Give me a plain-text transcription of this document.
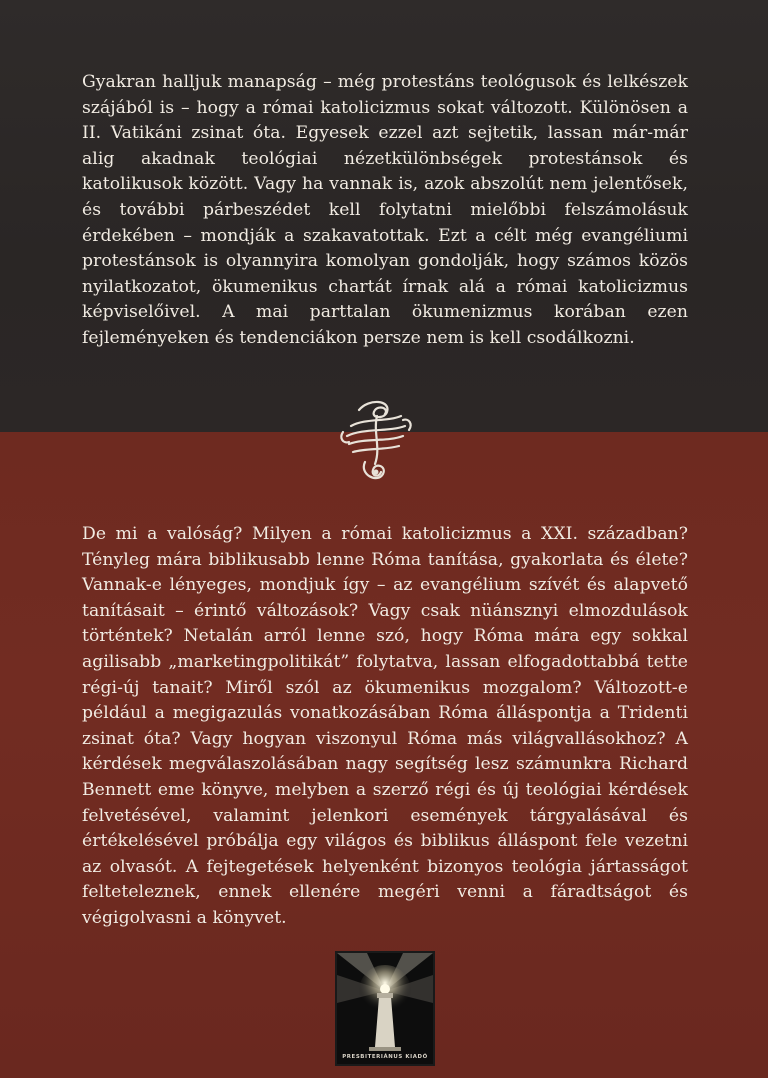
Gyakran halljuk manapság – még protestáns teológusok és lelkészek szájából is – hogy a római katolicizmus sokat változott. Különösen a II. Vatikáni zsinat óta. Egyesek ezzel azt sejtetik, lassan már-már alig akadnak teológiai nézetkülönbségek protestánsok és katolikusok között. Vagy ha vannak is, azok abszolút nem jelentősek, és további párbeszédet kell folytatni mielőbbi felszámolásuk érdekében – mondják a szakavatottak. Ezt a célt még evangéliumi protestánsok is olyannyira komolyan gondolják, hogy számos közös nyilatkozatot, ökumenikus chartát írnak alá a római katolicizmus képviselőivel. A mai parttalan ökumenizmus korában ezen fejleményeken és tendenciákon persze nem is kell csodálkozni.

De mi a valóság? Milyen a római katolicizmus a XXI. században? Tényleg mára biblikusabb lenne Róma tanítása, gyakorlata és élete? Vannak-e lényeges, mondjuk így – az evangélium szívét és alapvető tanításait – érintő változások? Vagy csak nüánsznyi elmozdulások történtek? Netalán arról lenne szó, hogy Róma mára egy sokkal agilisabb „marketingpolitikát” folytatva, lassan elfogadottabbá tette régi-új tanait? Miről szól az ökumenikus mozgalom? Változott-e például a megigazulás vonatkozásában Róma álláspontja a Tridenti zsinat óta? Vagy hogyan viszonyul Róma más világvallásokhoz? A kérdések megválaszolásában nagy segítség lesz számunkra Richard Bennett eme könyve, melyben a szerző régi és új teológiai kérdések felvetésével, valamint jelenkori események tárgyalásával és értékelésével próbálja egy világos és biblikus álláspont fele vezetni az olvasót. A fejtegetések helyenként bizonyos teológia jártasságot felteteleznek, ennek ellenére megéri venni a fáradtságot és végigolvasni a könyvet.

PRESBITERIÁNUS KIADÓ
